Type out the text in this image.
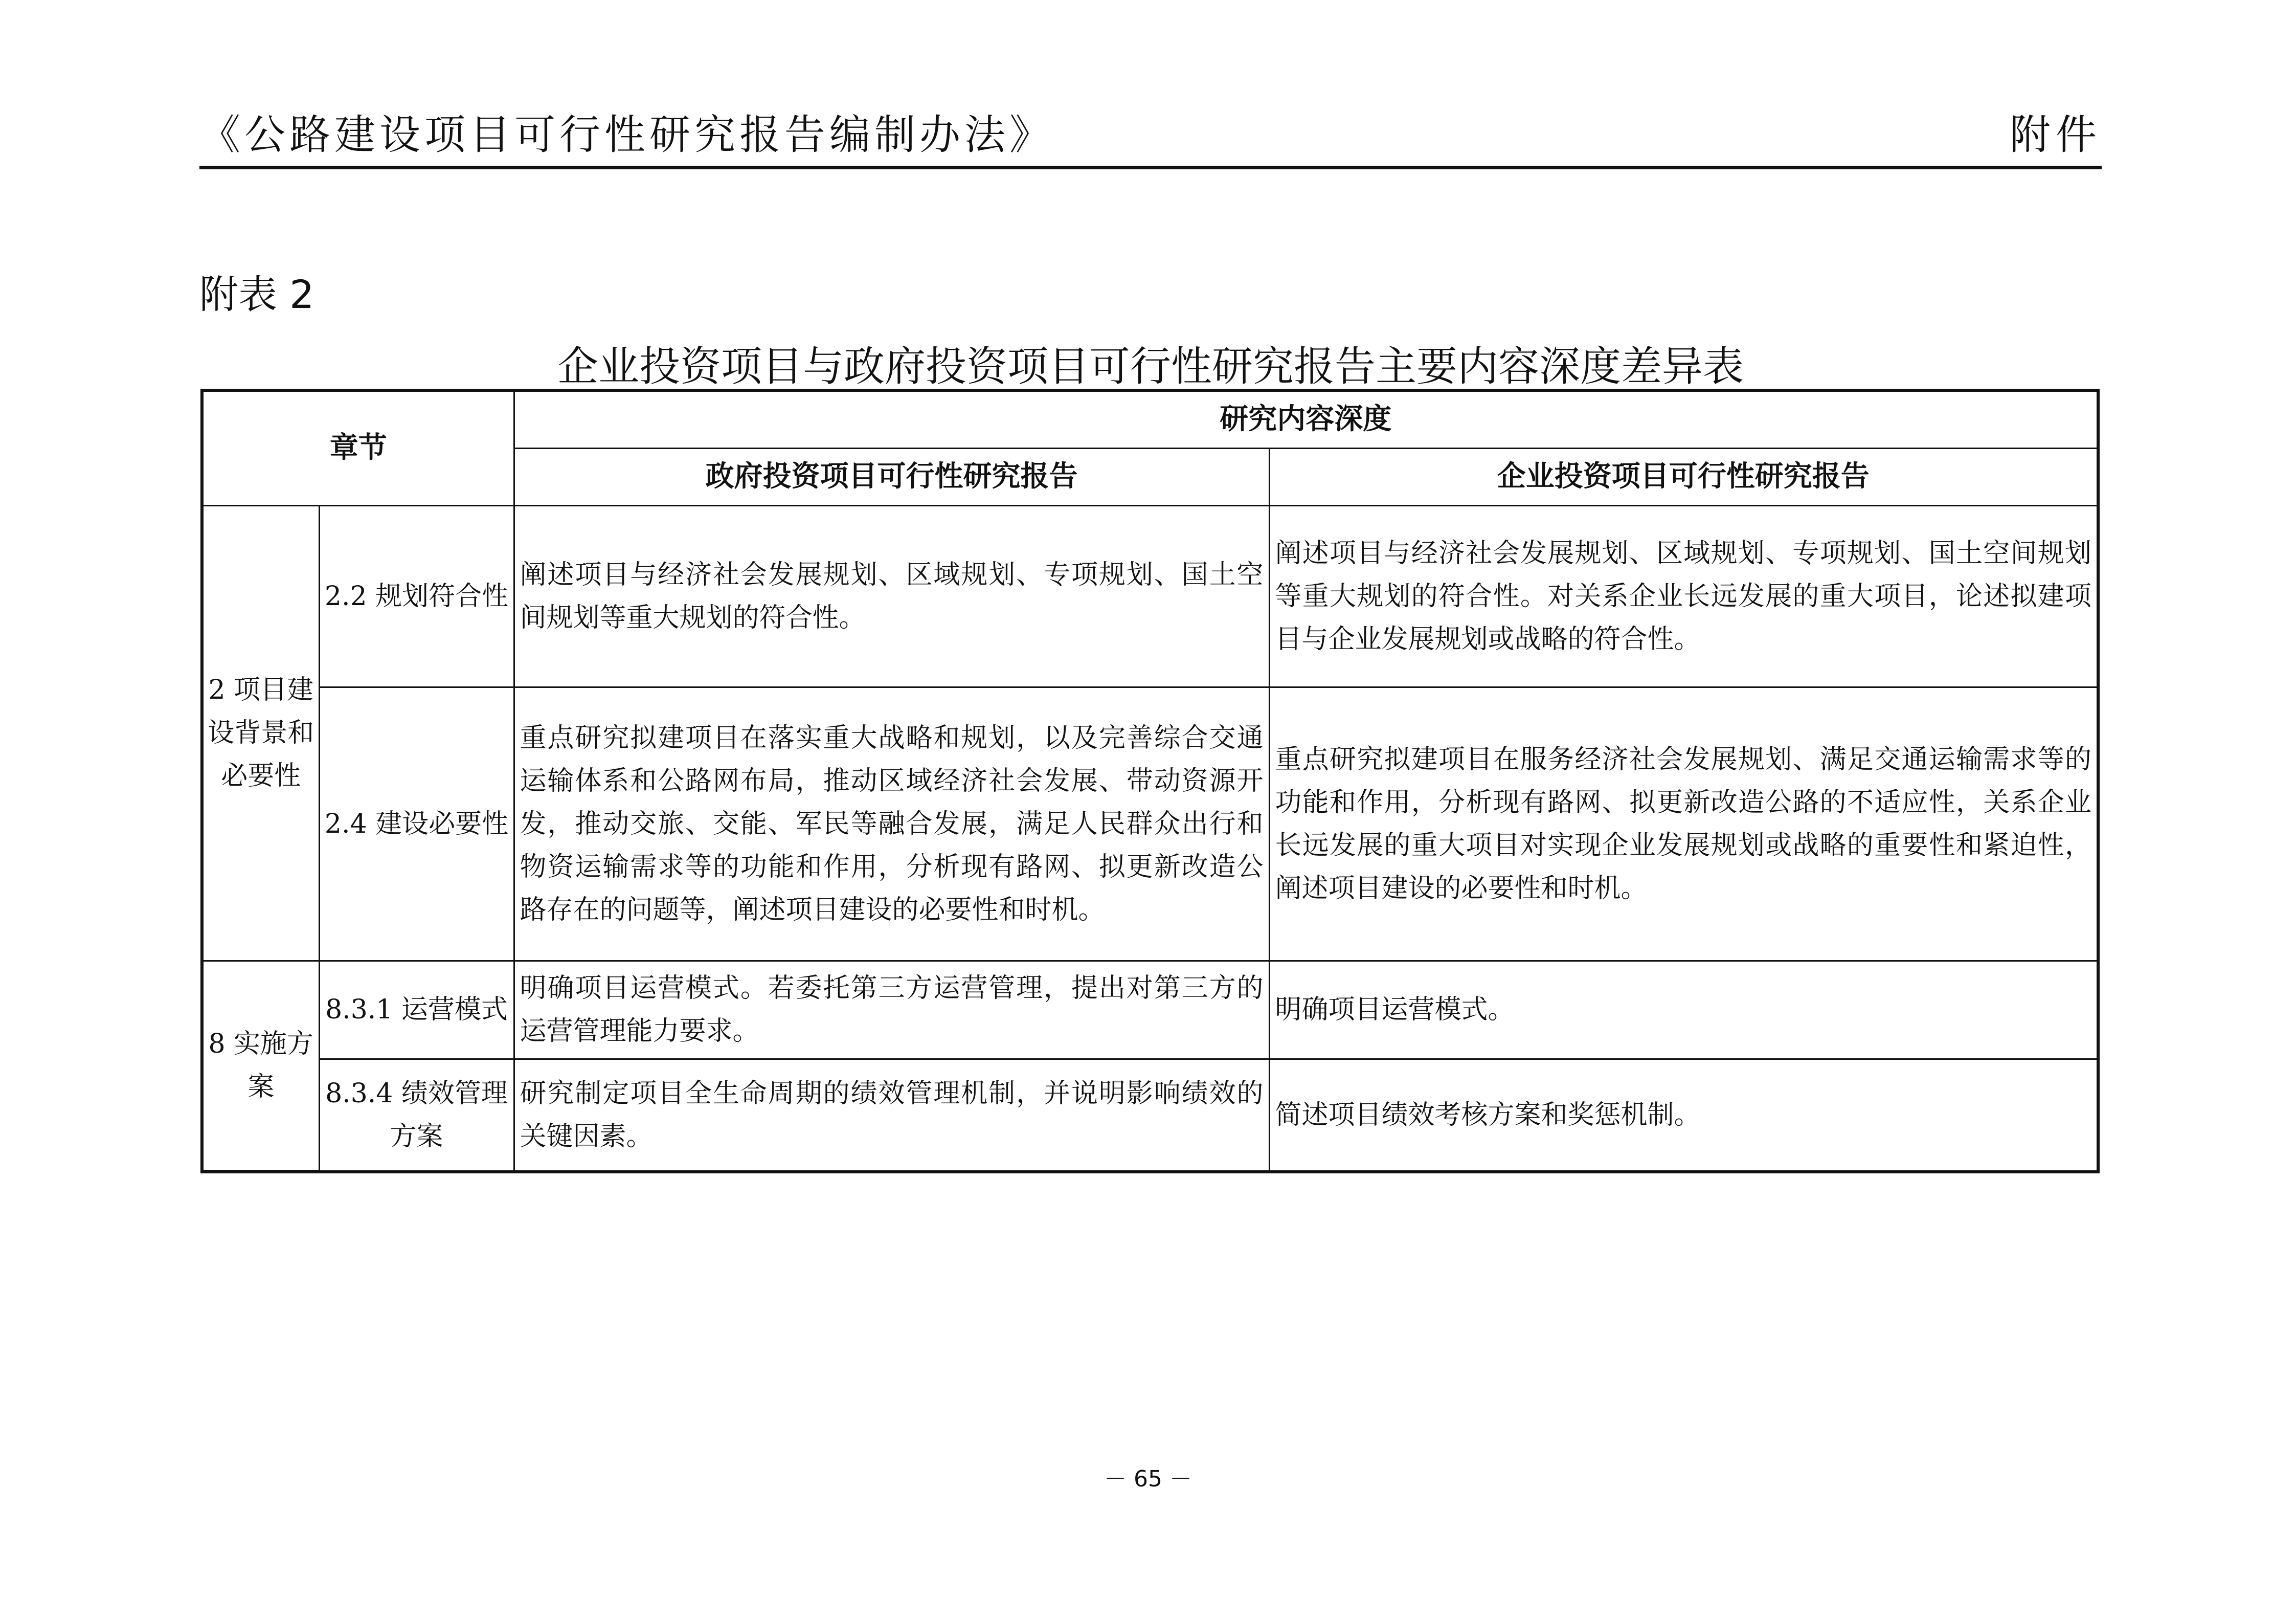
《公路建设项目可行性研究报告编制办法》	附件
附表 2
企业投资项目与政府投资项目可行性研究报告主要内容深度差异表
章节		研究内容深度	
		政府投资项目可行性研究报告	企业投资项目可行性研究报告
2 项目建设背景和必要性	2.2 规划符合性	阐述项目与经济社会发展规划、区域规划、专项规划、国土空间规划等重大规划的符合性。	阐述项目与经济社会发展规划、区域规划、专项规划、国土空间规划等重大规划的符合性。对关系企业长远发展的重大项目，论述拟建项目与企业发展规划或战略的符合性。
	2.4 建设必要性	重点研究拟建项目在落实重大战略和规划，以及完善综合交通运输体系和公路网布局，推动区域经济社会发展、带动资源开发，推动交旅、交能、军民等融合发展，满足人民群众出行和物资运输需求等的功能和作用，分析现有路网、拟更新改造公路存在的问题等，阐述项目建设的必要性和时机。	重点研究拟建项目在服务经济社会发展规划、满足交通运输需求等的功能和作用，分析现有路网、拟更新改造公路的不适应性，关系企业长远发展的重大项目对实现企业发展规划或战略的重要性和紧迫性，阐述项目建设的必要性和时机。
8 实施方案	8.3.1 运营模式	明确项目运营模式。若委托第三方运营管理，提出对第三方的运营管理能力要求。	明确项目运营模式。
	8.3.4 绩效管理方案	研究制定项目全生命周期的绩效管理机制，并说明影响绩效的关键因素。	简述项目绩效考核方案和奖惩机制。
－ 65 －
